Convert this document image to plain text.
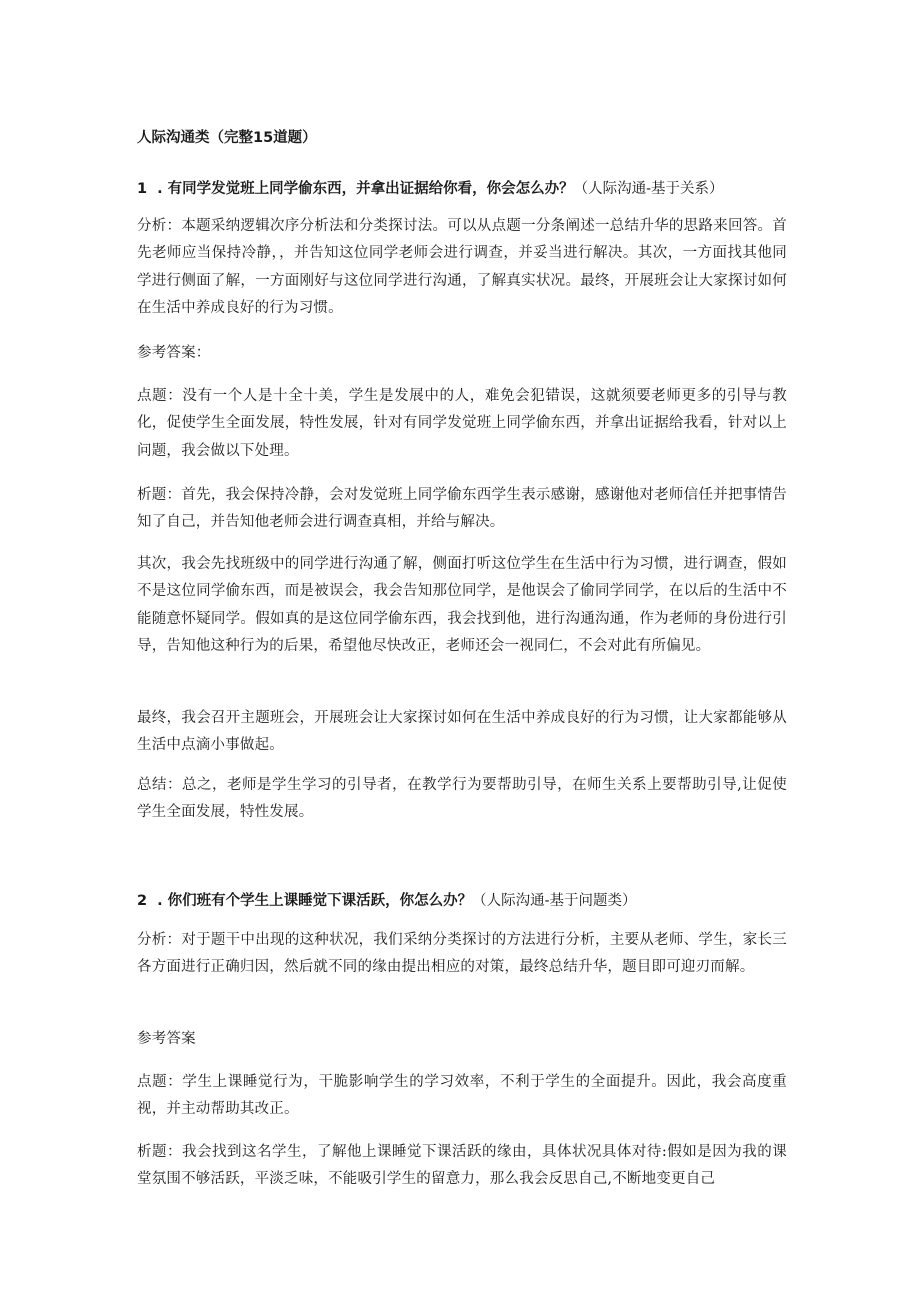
人际沟通类（完整15道题）
1 . 有同学发觉班上同学偷东西，并拿出证据给你看，你会怎么办？（人际沟通-基于关系）

分析：本题采纳逻辑次序分析法和分类探讨法。可以从点题一分条阐述一总结升华的思路来回答。首先老师应当保持冷静，，并告知这位同学老师会进行调查，并妥当进行解决。其次，一方面找其他同学进行侧面了解，一方面刚好与这位同学进行沟通，了解真实状况。最终，开展班会让大家探讨如何在生活中养成良好的行为习惯。

参考答案：

点题：没有一个人是十全十美，学生是发展中的人，难免会犯错误，这就须要老师更多的引导与教化，促使学生全面发展，特性发展，针对有同学发觉班上同学偷东西，并拿出证据给我看，针对以上问题，我会做以下处理。

析题：首先，我会保持冷静，会对发觉班上同学偷东西学生表示感谢，感谢他对老师信任并把事情告知了自己，并告知他老师会进行调查真相，并给与解决。

其次，我会先找班级中的同学进行沟通了解，侧面打听这位学生在生活中行为习惯，进行调查，假如不是这位同学偷东西，而是被误会，我会告知那位同学，是他误会了偷同学同学，在以后的生活中不能随意怀疑同学。假如真的是这位同学偷东西，我会找到他，进行沟通沟通，作为老师的身份进行引导，告知他这种行为的后果，希望他尽快改正，老师还会一视同仁，不会对此有所偏见。

最终，我会召开主题班会，开展班会让大家探讨如何在生活中养成良好的行为习惯，让大家都能够从生活中点滴小事做起。

总结：总之，老师是学生学习的引导者，在教学行为要帮助引导，在师生关系上要帮助引导,让促使学生全面发展，特性发展。

2 . 你们班有个学生上课睡觉下课活跃，你怎么办？（人际沟通-基于问题类）

分析：对于题干中出现的这种状况，我们采纳分类探讨的方法进行分析，主要从老师、学生，家长三各方面进行正确归因，然后就不同的缘由提出相应的对策，最终总结升华，题目即可迎刃而解。

参考答案

点题：学生上课睡觉行为，干脆影响学生的学习效率，不利于学生的全面提升。因此，我会高度重视，并主动帮助其改正。

析题：我会找到这名学生，了解他上课睡觉下课活跃的缘由，具体状况具体对待:假如是因为我的课堂氛围不够活跃，平淡乏味，不能吸引学生的留意力，那么我会反思自己,不断地变更自己
